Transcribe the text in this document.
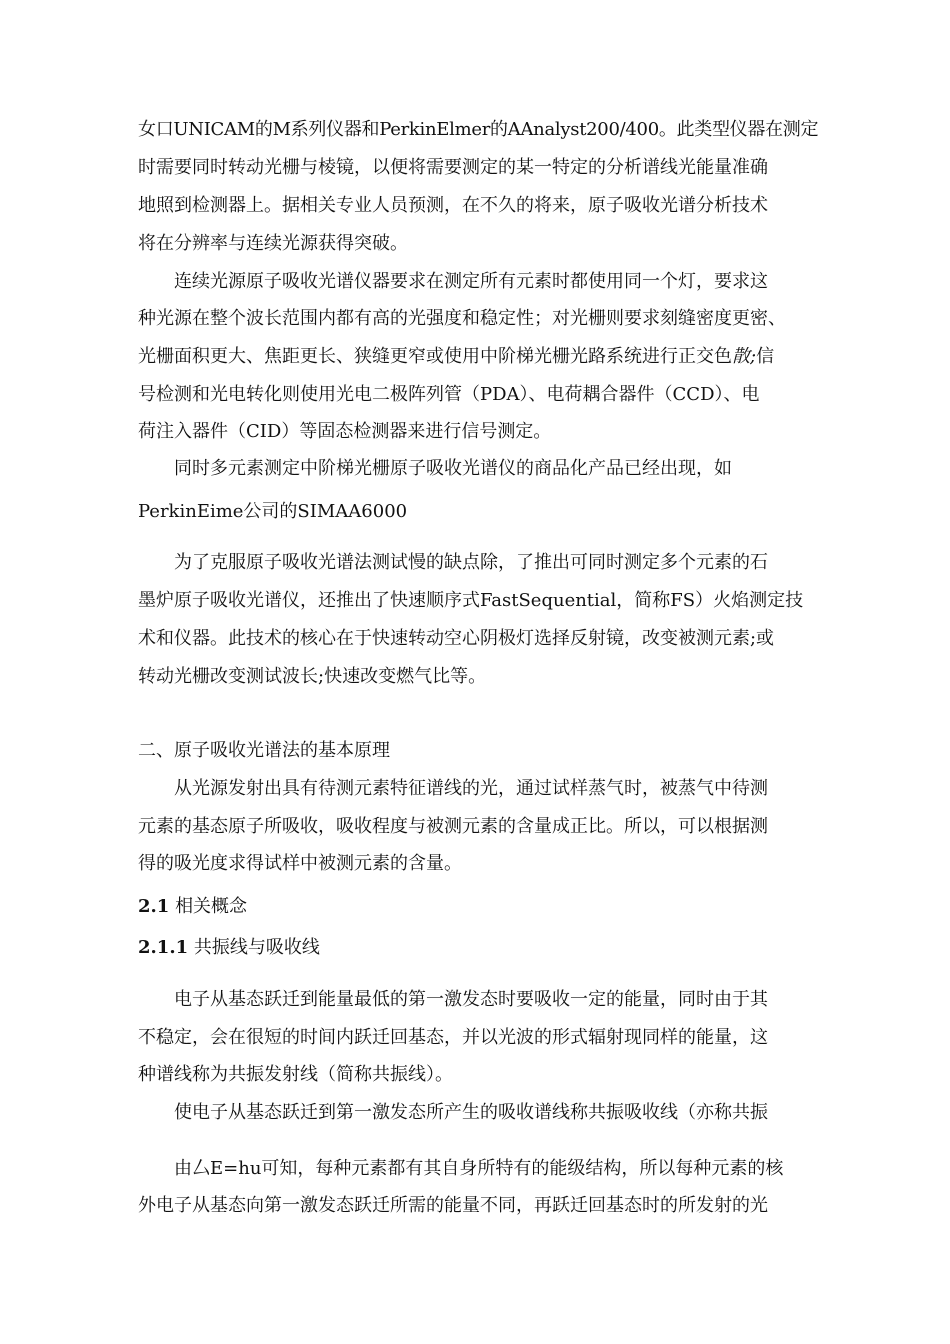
女口UNICAM的M系列仪器和PerkinElmer的AAnalyst200/400。此类型仪器在测定
时需要同时转动光栅与棱镜，以便将需要测定的某一特定的分析谱线光能量准确
地照到检测器上。据相关专业人员预测，在不久的将来，原子吸收光谱分析技术
将在分辨率与连续光源获得突破。
连续光源原子吸收光谱仪器要求在测定所有元素时都使用同一个灯，要求这
种光源在整个波长范围内都有高的光强度和稳定性；对光栅则要求刻缝密度更密、
光栅面积更大、焦距更长、狭缝更窄或使用中阶梯光栅光路系统进行正交色散;信
号检测和光电转化则使用光电二极阵列管（PDA）、电荷耦合器件（CCD）、电
荷注入器件（CID）等固态检测器来进行信号测定。
同时多元素测定中阶梯光栅原子吸收光谱仪的商品化产品已经出现，如
PerkinEime公司的SIMAA6000
为了克服原子吸收光谱法测试慢的缺点除，了推出可同时测定多个元素的石
墨炉原子吸收光谱仪，还推出了快速顺序式FastSequential，简称FS）火焰测定技
术和仪器。此技术的核心在于快速转动空心阴极灯选择反射镜，改变被测元素;或
转动光栅改变测试波长;快速改变燃气比等。
二、原子吸收光谱法的基本原理
从光源发射出具有待测元素特征谱线的光，通过试样蒸气时，被蒸气中待测
元素的基态原子所吸收，吸收程度与被测元素的含量成正比。所以，可以根据测
得的吸光度求得试样中被测元素的含量。
2.1 相关概念
2.1.1 共振线与吸收线
电子从基态跃迁到能量最低的第一激发态时要吸收一定的能量，同时由于其
不稳定，会在很短的时间内跃迁回基态，并以光波的形式辐射现同样的能量，这
种谱线称为共振发射线（简称共振线）。
使电子从基态跃迁到第一激发态所产生的吸收谱线称共振吸收线（亦称共振
由厶E=hu可知，每种元素都有其自身所特有的能级结构，所以每种元素的核
外电子从基态向第一激发态跃迁所需的能量不同，再跃迁回基态时的所发射的光
